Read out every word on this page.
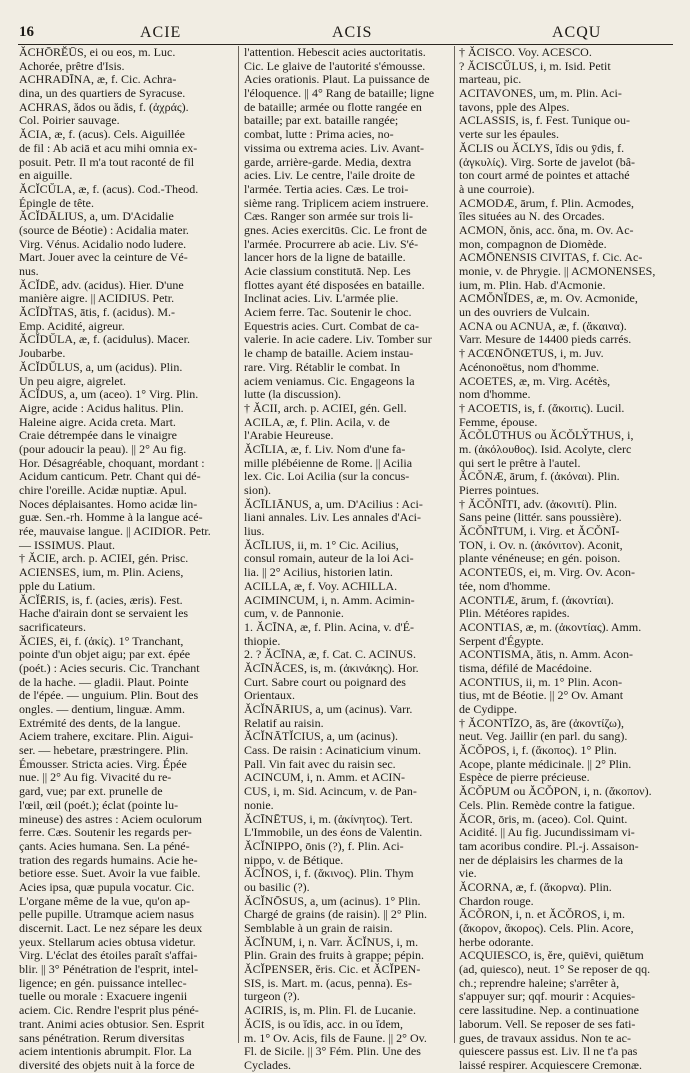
16	ACIE	ACIS	ACQU
ĂCHŌRĔŪS, ei ou eos, m. Luc.
Achorée, prêtre d'Isis.
ACHRADĪNA, æ, f. Cic. Achra-
dina, un des quartiers de Syracuse.
ACHRAS, ădos ou ădis, f. (ἀχράς).
Col. Poirier sauvage.
ĂCIA, æ, f. (acus). Cels. Aiguillée
de fil : Ab aciā et acu mihi omnia ex-
posuit. Petr. Il m'a tout raconté de fil
en aiguille.
ĂCĬCŬLA, æ, f. (acus). Cod.-Theod.
Épingle de tête.
ĂCĬDĀLIUS, a, um. D'Acidalie
(source de Béotie) : Acidalia mater.
Virg. Vénus. Acidalio nodo ludere.
Mart. Jouer avec la ceinture de Vé-
nus.
ĂCĬDĒ, adv. (acidus). Hier. D'une
manière aigre. || ACIDIUS. Petr.
ĂCĬDĬTAS, ātis, f. (acidus). M.-
Emp. Acidité, aigreur.
ĂCĬDŬLA, æ, f. (acidulus). Macer.
Joubarbe.
ĂCĬDŬLUS, a, um (acidus). Plin.
Un peu aigre, aigrelet.
ĂCĬDUS, a, um (aceo). 1° Virg. Plin.
Aigre, acide : Acidus halitus. Plin.
Haleine aigre. Acida creta. Mart.
Craie détrempée dans le vinaigre
(pour adoucir la peau). || 2° Au fig.
Hor. Désagréable, choquant, mordant :
Acidum canticum. Petr. Chant qui dé-
chire l'oreille. Acidæ nuptiæ. Apul.
Noces déplaisantes. Homo acidæ lin-
guæ. Sen.-rh. Homme à la langue acé-
rée, mauvaise langue. || ACIDIOR. Petr.
— ISSIMUS. Plaut.
† ĂCIE, arch. p. ACIEI, gén. Prisc.
ACIENSES, ium, m. Plin. Aciens,
pple du Latium.
ĂCĬĒRIS, is, f. (acies, æris). Fest.
Hache d'airain dont se servaient les
sacrificateurs.
ĂCIES, ēi, f. (ἀκίς). 1° Tranchant,
pointe d'un objet aigu; par ext. épée
(poét.) : Acies securis. Cic. Tranchant
de la hache. — gladii. Plaut. Pointe
de l'épée. — unguium. Plin. Bout des
ongles. — dentium, linguæ. Amm.
Extrémité des dents, de la langue.
Aciem trahere, excitare. Plin. Aigui-
ser. — hebetare, præstringere. Plin.
Émousser. Stricta acies. Virg. Épée
nue. || 2° Au fig. Vivacité du re-
gard, vue; par ext. prunelle de
l'œil, œil (poét.); éclat (pointe lu-
mineuse) des astres : Aciem oculorum
ferre. Cæs. Soutenir les regards per-
çants. Acies humana. Sen. La péné-
tration des regards humains. Acie he-
betiore esse. Suet. Avoir la vue faible.
Acies ipsa, quæ pupula vocatur. Cic.
L'organe même de la vue, qu'on ap-
pelle pupille. Utramque aciem nasus
discernit. Lact. Le nez sépare les deux
yeux. Stellarum acies obtusa videtur.
Virg. L'éclat des étoiles paraît s'affai-
blir. || 3° Pénétration de l'esprit, intel-
ligence; en gén. puissance intellec-
tuelle ou morale : Exacuere ingenii
aciem. Cic. Rendre l'esprit plus péné-
trant. Animi acies obtusior. Sen. Esprit
sans pénétration. Rerum diversitas
aciem intentionis abrumpit. Flor. La
diversité des objets nuit à la force de
l'attention. Hebescit acies auctoritatis.
Cic. Le glaive de l'autorité s'émousse.
Acies orationis. Plaut. La puissance de
l'éloquence. || 4° Rang de bataille; ligne
de bataille; armée ou flotte rangée en
bataille; par ext. bataille rangée;
combat, lutte : Prima acies, no-
vissima ou extrema acies. Liv. Avant-
garde, arrière-garde. Media, dextra
acies. Liv. Le centre, l'aile droite de
l'armée. Tertia acies. Cæs. Le troi-
sième rang. Triplicem aciem instruere.
Cæs. Ranger son armée sur trois li-
gnes. Acies exercitūs. Cic. Le front de
l'armée. Procurrere ab acie. Liv. S'é-
lancer hors de la ligne de bataille.
Acie classium constitutā. Nep. Les
flottes ayant été disposées en bataille.
Inclinat acies. Liv. L'armée plie.
Aciem ferre. Tac. Soutenir le choc.
Equestris acies. Curt. Combat de ca-
valerie. In acie cadere. Liv. Tomber sur
le champ de bataille. Aciem instau-
rare. Virg. Rétablir le combat. In
aciem veniamus. Cic. Engageons la
lutte (la discussion).
† ĂCII, arch. p. ACIEI, gén. Gell.
ACILA, æ, f. Plin. Acila, v. de
l'Arabie Heureuse.
ĂCĪLIA, æ, f. Liv. Nom d'une fa-
mille plébéienne de Rome. || Acilia
lex. Cic. Loi Acilia (sur la concus-
sion).
ĂCĪLIĀNUS, a, um. D'Acilius : Aci-
liani annales. Liv. Les annales d'Aci-
lius.
ĂCĪLIUS, ii, m. 1° Cic. Acilius,
consul romain, auteur de la loi Aci-
lia. || 2° Acilius, historien latin.
ACILLA, æ, f. Voy. ACHILLA.
ACIMINCUM, i, n. Amm. Acimin-
cum, v. de Pannonie.
1. ĂCĪNA, æ, f. Plin. Acina, v. d'É-
thiopie.
2. ? ĂCĪNA, æ, f. Cat. C. ACINUS.
ĂCĪNĂCES, is, m. (ἀκινάκης). Hor.
Curt. Sabre court ou poignard des
Orientaux.
ĂCĬNĀRIUS, a, um (acinus). Varr.
Relatif au raisin.
ĂCĬNĀTĬCIUS, a, um (acinus).
Cass. De raisin : Acinaticium vinum.
Pall. Vin fait avec du raisin sec.
ACINCUM, i, n. Amm. et ACIN-
CUS, i, m. Sid. Acincum, v. de Pan-
nonie.
ĂCĪNĒTUS, i, m. (ἀκίνητος). Tert.
L'Immobile, un des éons de Valentin.
ĂCĬNIPPO, ōnis (?), f. Plin. Aci-
nippo, v. de Bétique.
ĂCĬNOS, i, f. (ἄκινος). Plin. Thym
ou basilic (?).
ĂCĬNŌSUS, a, um (acinus). 1° Plin.
Chargé de grains (de raisin). || 2° Plin.
Semblable à un grain de raisin.
ĂCĬNUM, i, n. Varr. ĂCĬNUS, i, m.
Plin. Grain des fruits à grappe; pépin.
ĂCĬPENSER, ĕris. Cic. et ĂCĬPEN-
SIS, is. Mart. m. (acus, penna). Es-
turgeon (?).
ACIRIS, is, m. Plin. Fl. de Lucanie.
ĂCIS, is ou ĭdis, acc. in ou ĭdem,
m. 1° Ov. Acis, fils de Faune. || 2° Ov.
Fl. de Sicile. || 3° Fém. Plin. Une des
Cyclades.
† ĂCISCO. Voy. ACESCO.
? ĂCISCŬLUS, i, m. Isid. Petit
marteau, pic.
ACITAVONES, um, m. Plin. Aci-
tavons, pple des Alpes.
ACLASSIS, is, f. Fest. Tunique ou-
verte sur les épaules.
ĂCLIS ou ĂCLYS, ĭdis ou ȳdis, f.
(ἀγκυλίς). Virg. Sorte de javelot (bâ-
ton court armé de pointes et attaché
à une courroie).
ACMODÆ, ārum, f. Plin. Acmodes,
îles situées au N. des Orcades.
ACMON, ŏnis, acc. ŏna, m. Ov. Ac-
mon, compagnon de Diomède.
ACMŌNENSIS CIVITAS, f. Cic. Ac-
monie, v. de Phrygie. || ACMONENSES,
ium, m. Plin. Hab. d'Acmonie.
ACMŎNĬDES, æ, m. Ov. Acmonide,
un des ouvriers de Vulcain.
ACNA ou ACNUA, æ, f. (ἄκαινα).
Varr. Mesure de 14400 pieds carrés.
† ACŒNŌNŒTUS, i, m. Juv.
Acénonoëtus, nom d'homme.
ACOETES, æ, m. Virg. Acétès,
nom d'homme.
† ACOETIS, is, f. (ἄκοιτις). Lucil.
Femme, épouse.
ĂCŎLŪTHUS ou ĂCŎLY̆THUS, i,
m. (ἀκόλουθος). Isid. Acolyte, clerc
qui sert le prêtre à l'autel.
ĂCŎNÆ, ārum, f. (ἀκόναι). Plin.
Pierres pointues.
† ĂCŎNĪTI, adv. (ἀκονιτί). Plin.
Sans peine (littér. sans poussière).
ĂCŎNĪTUM, i. Virg. et ĂCŎNĪ-
TON, i. Ov. n. (ἀκόνιτον). Aconit,
plante vénéneuse; en gén. poison.
ACONTEŪS, ei, m. Virg. Ov. Acon-
tée, nom d'homme.
ACONTIÆ, ārum, f. (ἀκοντίαι).
Plin. Météores rapides.
ACONTIAS, æ, m. (ἀκοντίας). Amm.
Serpent d'Égypte.
ACONTISMA, ătis, n. Amm. Acon-
tisma, défilé de Macédoine.
ACONTIUS, ii, m. 1° Plin. Acon-
tius, mt de Béotie. || 2° Ov. Amant
de Cydippe.
† ĂCONTĪZO, ās, āre (ἀκοντίζω),
neut. Veg. Jaillir (en parl. du sang).
ĂCŎPOS, i, f. (ἄκοπος). 1° Plin.
Acope, plante médicinale. || 2° Plin.
Espèce de pierre précieuse.
ĂCŎPUM ou ĂCŎPON, i, n. (ἄκοπον).
Cels. Plin. Remède contre la fatigue.
ĂCOR, ōris, m. (aceo). Col. Quint.
Acidité. || Au fig. Jucundissimam vi-
tam acoribus condire. Pl.-j. Assaison-
ner de déplaisirs les charmes de la
vie.
ĂCORNA, æ, f. (ἄκορνα). Plin.
Chardon rouge.
ĂCŎRON, i, n. et ĂCŎROS, i, m.
(ἄκορον, ἄκορος). Cels. Plin. Acore,
herbe odorante.
ACQUIESCO, is, ĕre, quiēvi, quiētum
(ad, quiesco), neut. 1° Se reposer de qq.
ch.; reprendre haleine; s'arrêter à,
s'appuyer sur; qqf. mourir : Acquies-
cere lassitudine. Nep. a continuatione
laborum. Vell. Se reposer de ses fati-
gues, de travaux assidus. Non te ac-
quiescere passus est. Liv. Il ne t'a pas
laissé respirer. Acquiescere Cremonæ.
